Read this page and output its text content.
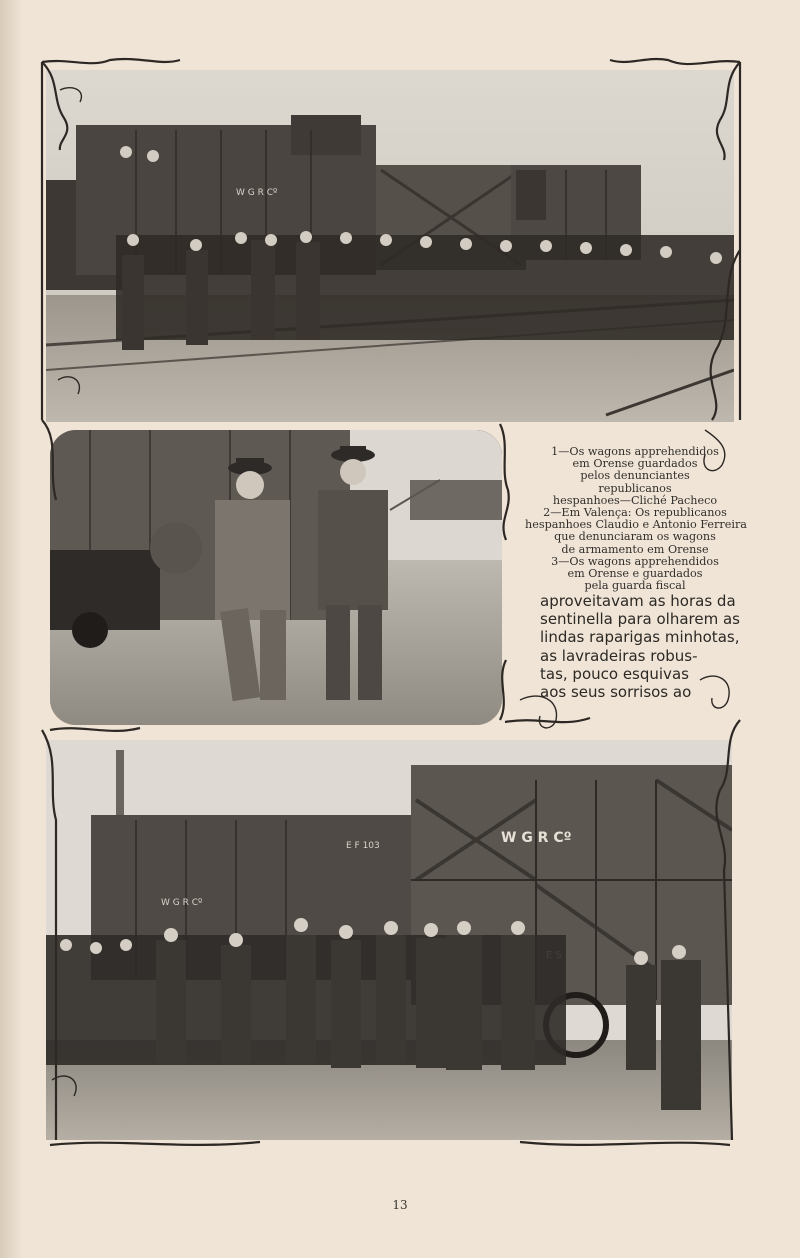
W G R Cº
E F 103
W G R Cº
W G R Cº
1—Os wagons apprehendidos
em Orense guardados
pelos denunciantes
republicanos
hespanhoes—Cliché Pacheco
2—Em Valença: Os republicanos
hespanhoes Claudio e Antonio Ferreira
que denunciaram os wagons
de armamento em Orense
3—Os wagons apprehendidos
em Orense e guardados
pela guarda fiscal
aproveitavam as horas da
sentinella para olharem as
lindas raparigas minhotas,
as lavradeiras robus-
tas, pouco esquivas
aos seus sorrisos ao
13
